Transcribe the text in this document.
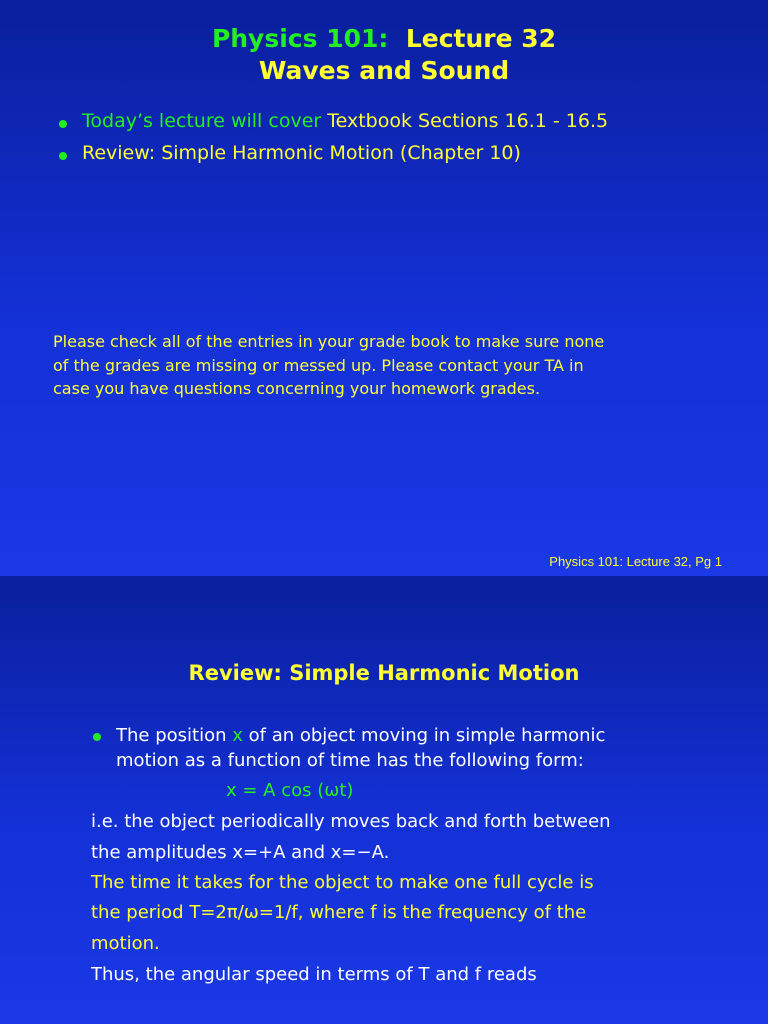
Physics 101: Lecture 32
Waves and Sound
Today’s lecture will cover Textbook Sections 16.1 - 16.5
Review: Simple Harmonic Motion (Chapter 10)
Please check all of the entries in your grade book to make sure none
of the grades are missing or messed up. Please contact your TA in
case you have questions concerning your homework grades.
Physics 101: Lecture 32, Pg 1
Review: Simple Harmonic Motion
The position x of an object moving in simple harmonic
motion as a function of time has the following form:
x = A cos (ωt)
i.e. the object periodically moves back and forth between
the amplitudes x=+A and x=−A.
The time it takes for the object to make one full cycle is
the period T=2π/ω=1/f, where f is the frequency of the
motion.
Thus, the angular speed in terms of T and f reads
